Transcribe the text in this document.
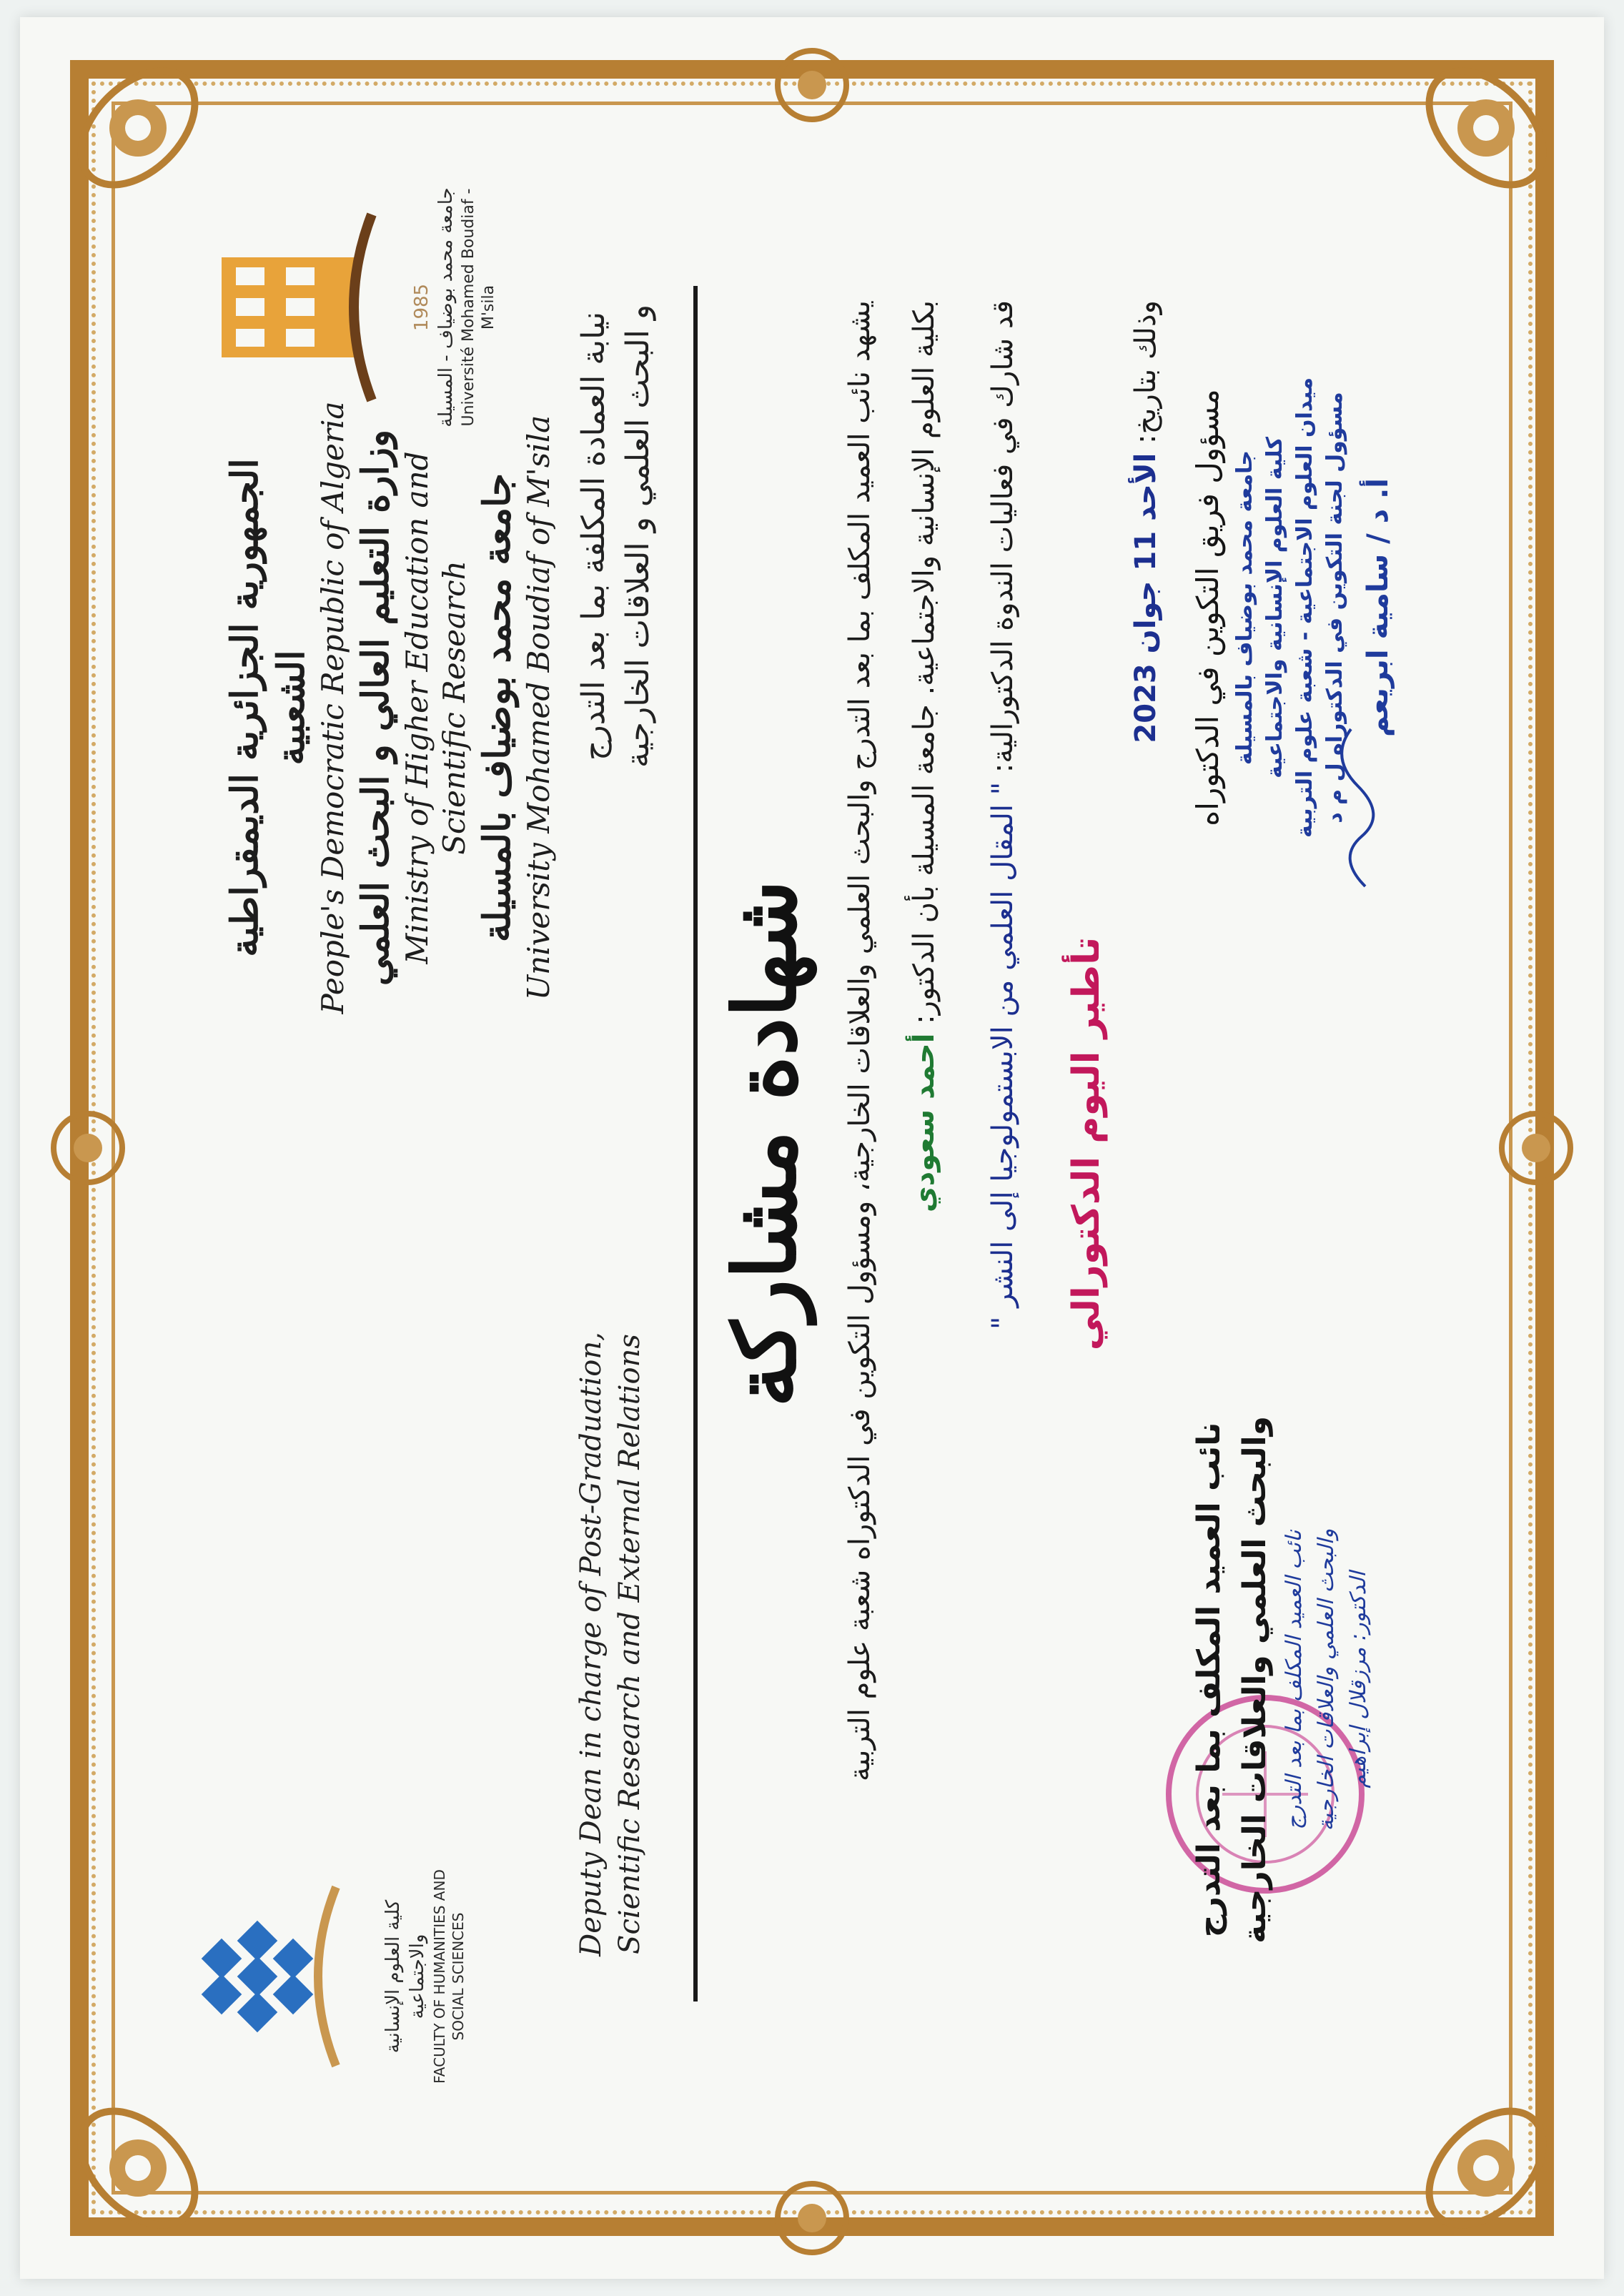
1985 جامعة محمد بوضياف - المسيلة Université Mohamed Boudiaf - M'sila
كلية العلوم الإنسانية والاجتماعية FACULTY OF HUMANITIES AND SOCIAL SCIENCES
الجمهورية الجزائرية الديمقراطية الشعبية People's Democratic Republic of Algeria وزارة التعليم العالي و البحث العلمي Ministry of Higher Education and Scientific Research جامعة محمد بوضياف بالمسيلة University Mohamed Boudiaf of M'sila
Deputy Dean in charge of Post-Graduation, Scientific Research and External Relations
نيابة العمادة المكلفة بما بعد التدرج و البحث العلمي و العلاقات الخارجية
شهادة مشاركة يشهد نائب العميد المكلف بما بعد التدرج والبحث العلمي والعلاقات الخارجية، ومسؤول التكوين في الدكتوراه شعبة علوم التربية بكلية العلوم الإنسانية والاجتماعية. جامعة المسيلة بأن الدكتور: أحمد سعودي
قد شارك في فعاليات الندوة الدكتورالية: " المقال العلمي من الابستمولوجيا إلى النشر " تأطير اليوم الدكتورالي
وذلك بتاريخ: الأحد 11 جوان 2023
نائب العميد المكلف بما بعد التدرج والبحث العلمي والعلاقات الخارجية نائب العميد المكلف بما بعد التدرج والبحث العلمي والعلاقات الخارجية الدكتور: مرزقلال إبراهيم
مسؤول فريق التكوين في الدكتوراه جامعة محمد بوضياف بالمسيلة كلية العلوم الإنسانية والاجتماعية ميدان العلوم الاجتماعية - شعبة علوم التربية مسؤول لجنة التكوين في الدكتوراه ل م د أ. د / سامية ابريعم
